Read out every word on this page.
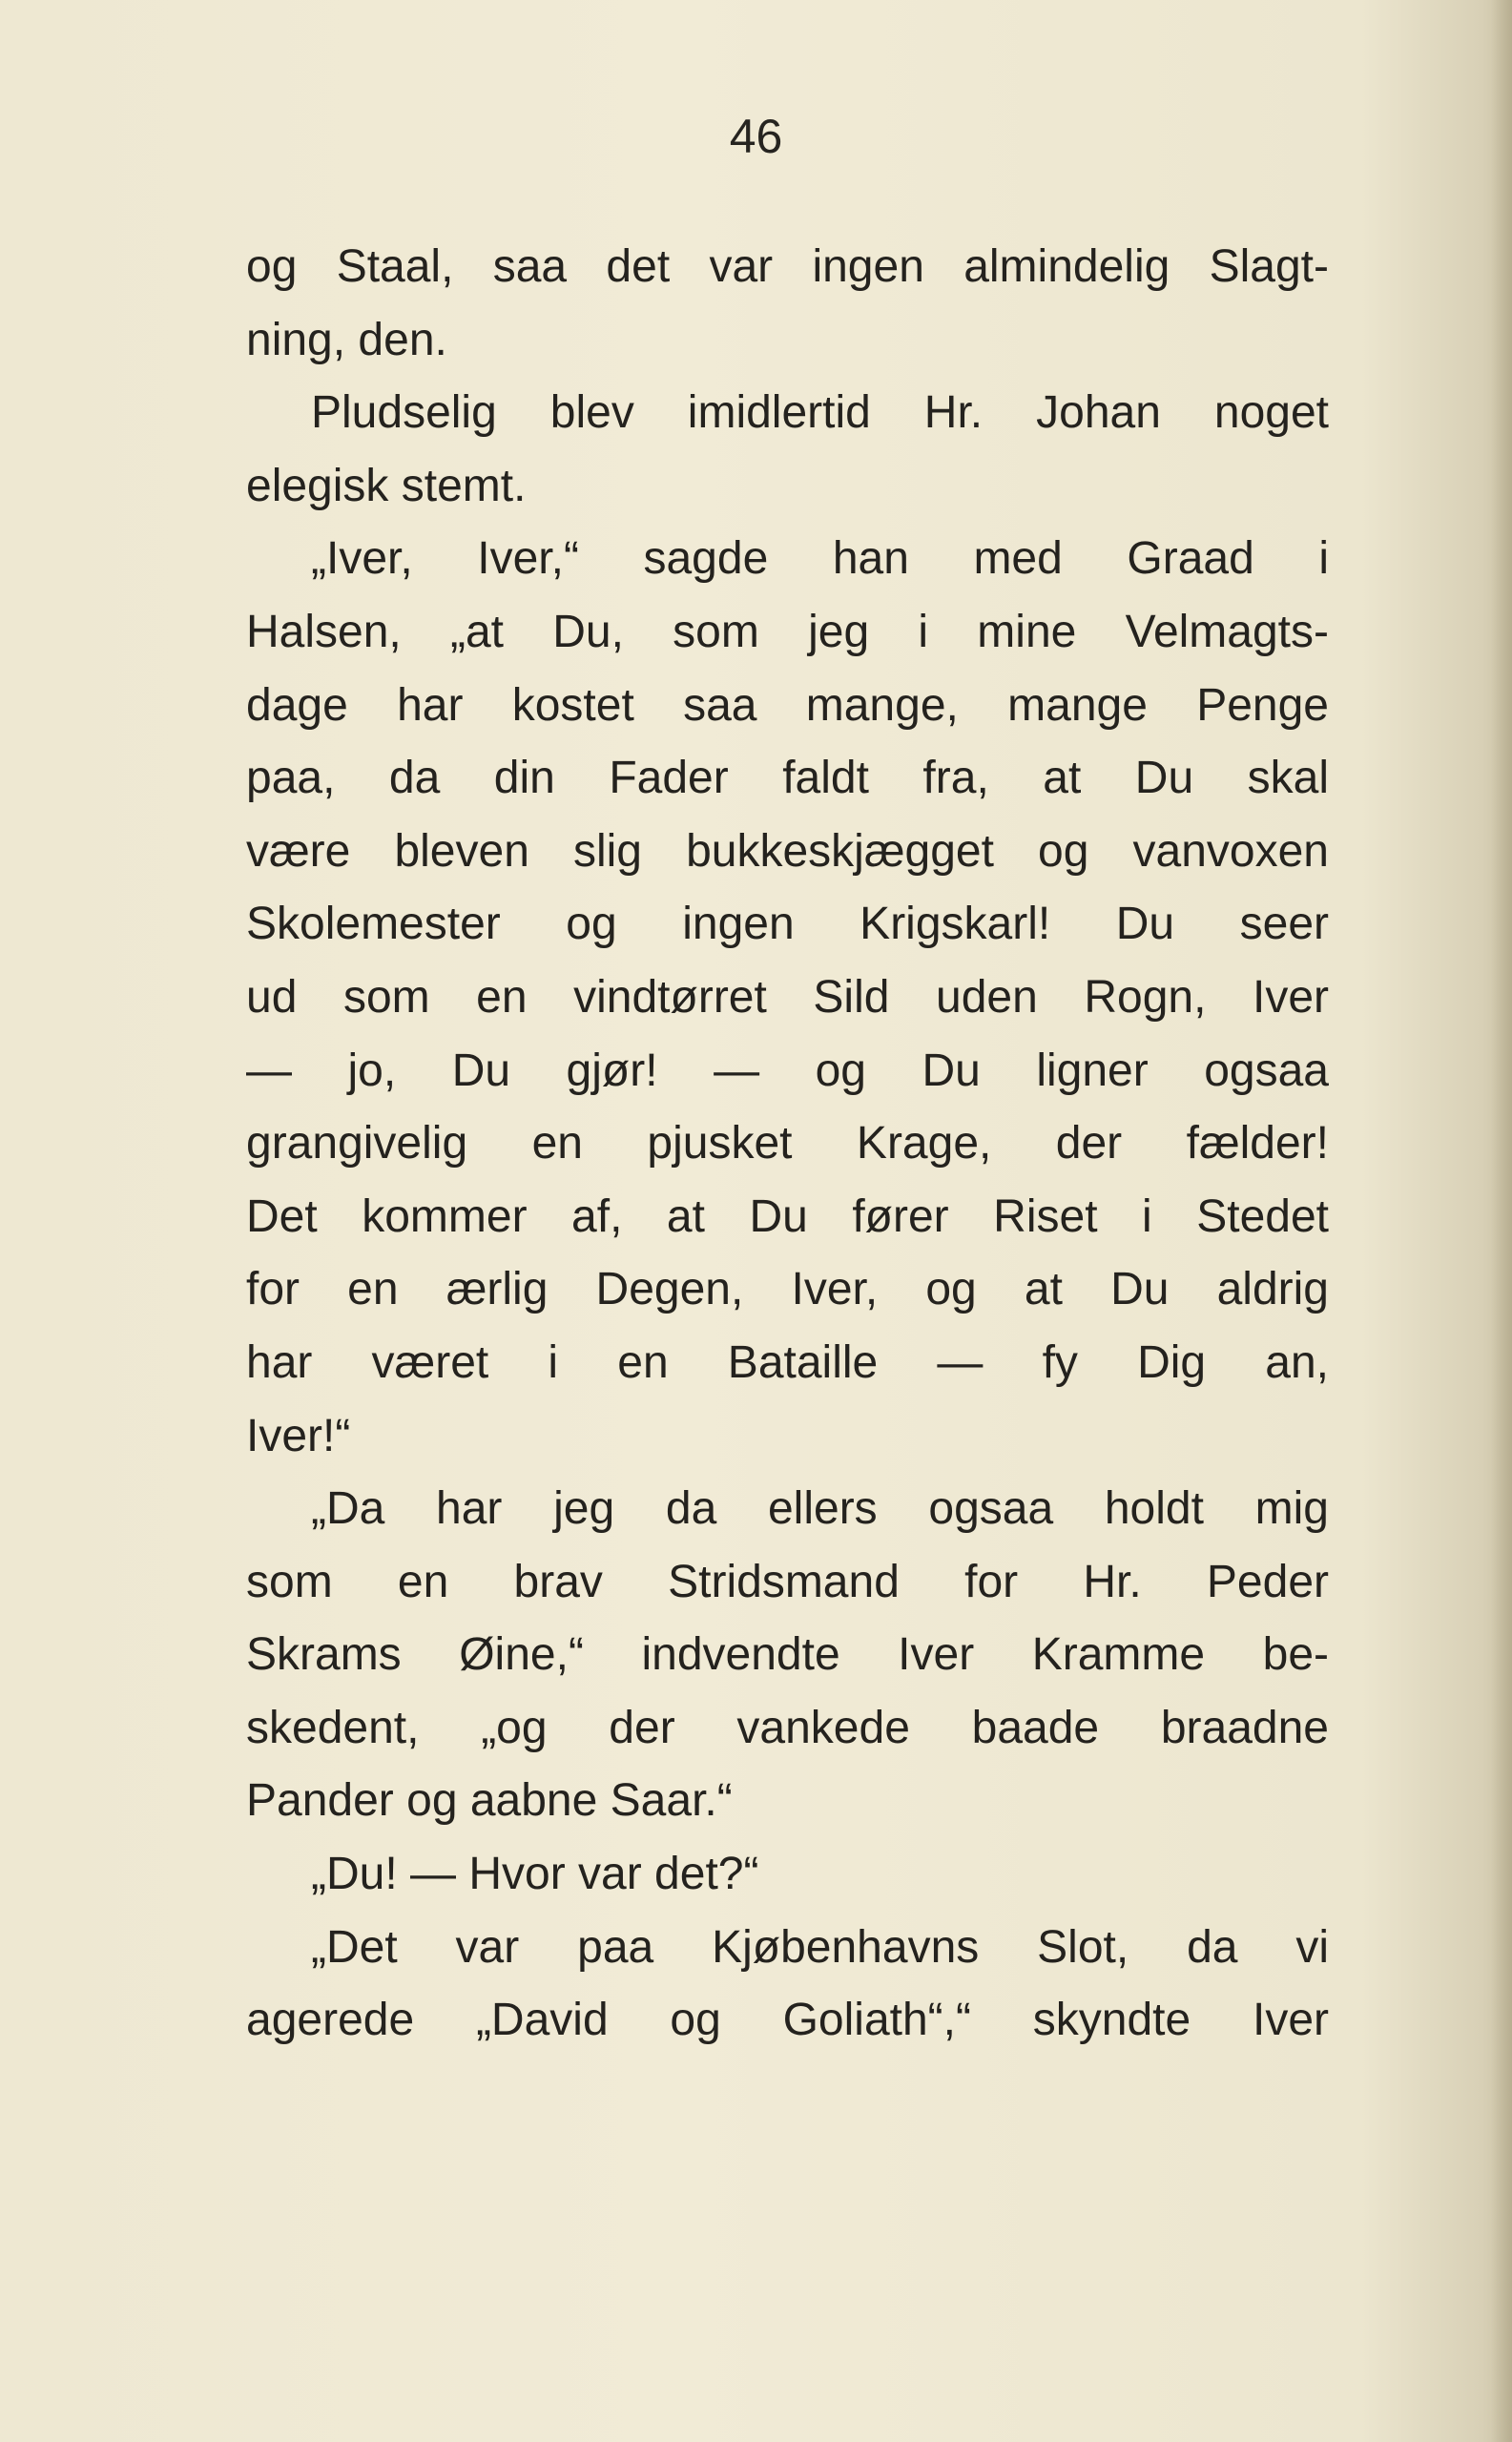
46
og Staal, saa det var ingen almindelig Slagt-
ning, den.
Pludselig blev imidlertid Hr. Johan noget
elegisk stemt.
„Iver, Iver,“ sagde han med Graad i
Halsen, „at Du, som jeg i mine Velmagts-
dage har kostet saa mange, mange Penge
paa, da din Fader faldt fra, at Du skal
være bleven slig bukkeskjægget og vanvoxen
Skolemester og ingen Krigskarl! Du seer
ud som en vindtørret Sild uden Rogn, Iver
— jo, Du gjør! — og Du ligner ogsaa
grangivelig en pjusket Krage, der fælder!
Det kommer af, at Du fører Riset i Stedet
for en ærlig Degen, Iver, og at Du aldrig
har været i en Bataille — fy Dig an,
Iver!“
„Da har jeg da ellers ogsaa holdt mig
som en brav Stridsmand for Hr. Peder
Skrams Øine,“ indvendte Iver Kramme be-
skedent, „og der vankede baade braadne
Pander og aabne Saar.“
„Du! — Hvor var det?“
„Det var paa Kjøbenhavns Slot, da vi
agerede „David og Goliath“,“ skyndte Iver
